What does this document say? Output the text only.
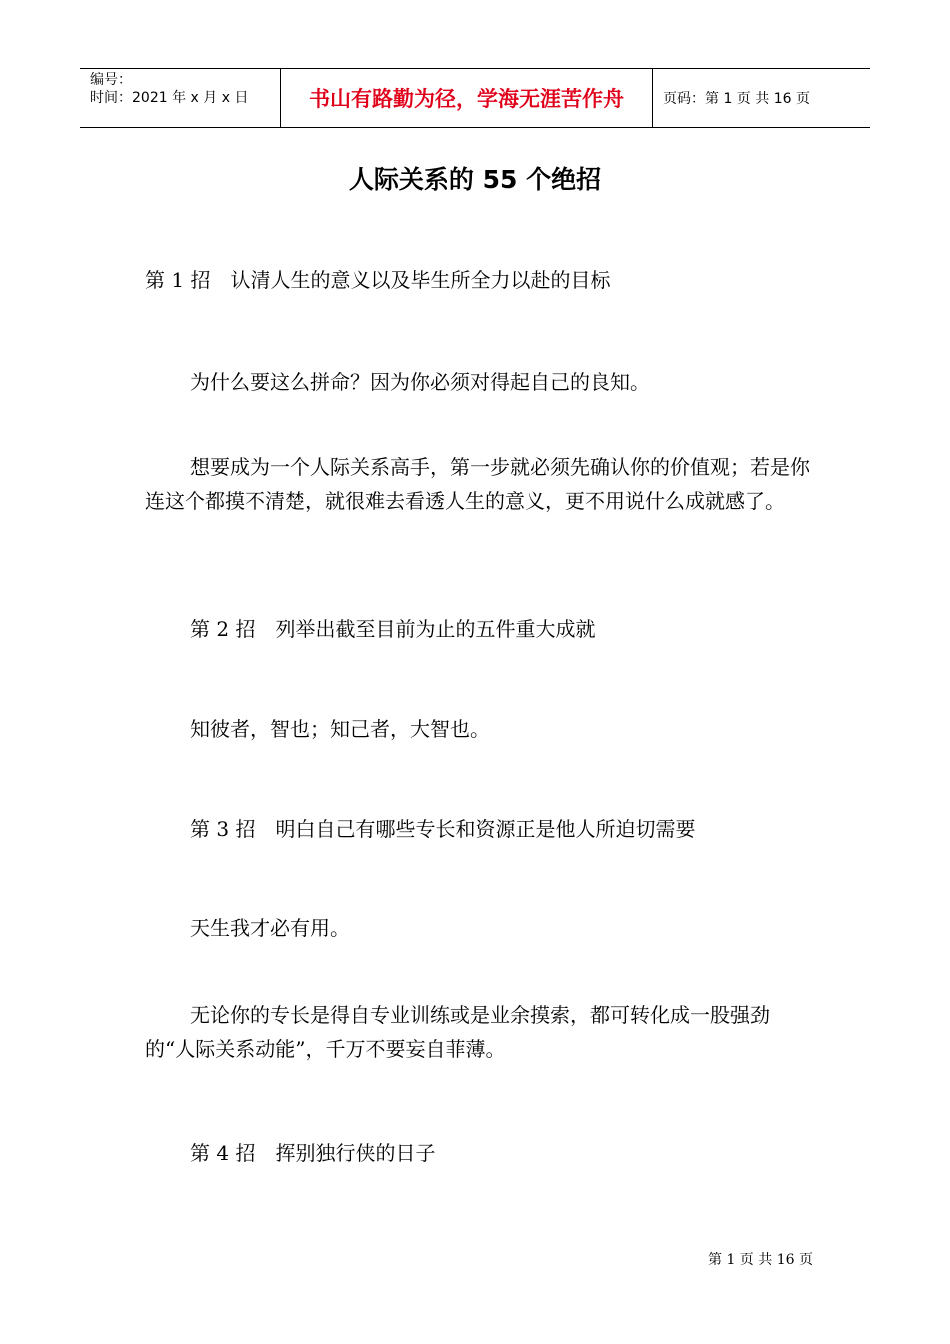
编号：
时间：2021 年 x 月 x 日	书山有路勤为径，学海无涯苦作舟	页码：第 1 页 共 16 页
人际关系的 55 个绝招
第 1 招　认清人生的意义以及毕生所全力以赴的目标
为什么要这么拼命？因为你必须对得起自己的良知。
想要成为一个人际关系高手，第一步就必须先确认你的价值观；若是你连这个都摸不清楚，就很难去看透人生的意义，更不用说什么成就感了。
第 2 招　列举出截至目前为止的五件重大成就
知彼者，智也；知己者，大智也。
第 3 招　明白自己有哪些专长和资源正是他人所迫切需要
天生我才必有用。
无论你的专长是得自专业训练或是业余摸索，都可转化成一股强劲的“人际关系动能”，千万不要妄自菲薄。
第 4 招　挥别独行侠的日子
第 1 页 共 16 页
